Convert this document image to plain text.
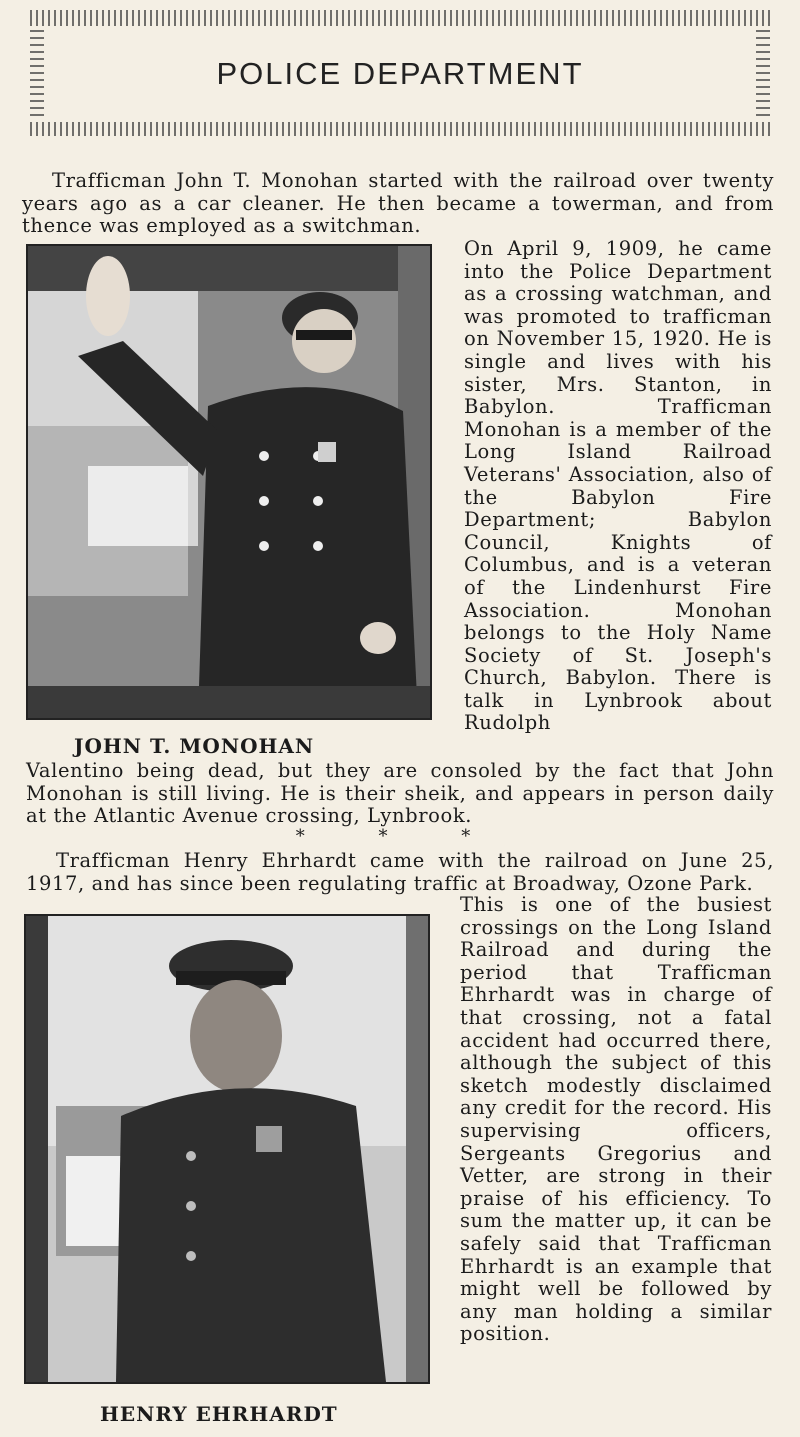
POLICE DEPARTMENT
Trafficman John T. Monohan started with the railroad over twenty years ago as a car cleaner. He then became a towerman, and from thence was employed as a switchman.
On April 9, 1909, he came into the Police Department as a crossing watchman, and was promoted to trafficman on November 15, 1920. He is single and lives with his sister, Mrs. Stanton, in Babylon. Trafficman Monohan is a member of the Long Island Railroad Veterans' Association, also of the Babylon Fire Department; Babylon Council, Knights of Columbus, and is a veteran of the Lindenhurst Fire Association. Monohan belongs to the Holy Name Society of St. Joseph's Church, Babylon. There is talk in Lynbrook about Rudolph
JOHN T. MONOHAN
Valentino being dead, but they are consoled by the fact that John Monohan is still living. He is their sheik, and appears in person daily at the Atlantic Avenue crossing, Lynbrook.
* * *
Trafficman Henry Ehrhardt came with the railroad on June 25, 1917, and has since been regulating traffic at Broadway, Ozone Park.
This is one of the busiest crossings on the Long Island Railroad and during the period that Trafficman Ehrhardt was in charge of that crossing, not a fatal accident had occurred there, although the subject of this sketch modestly disclaimed any credit for the record. His supervising officers, Sergeants Gregorius and Vetter, are strong in their praise of his efficiency. To sum the matter up, it can be safely said that Trafficman Ehrhardt is an example that might well be followed by any man holding a similar position.
HENRY EHRHARDT
